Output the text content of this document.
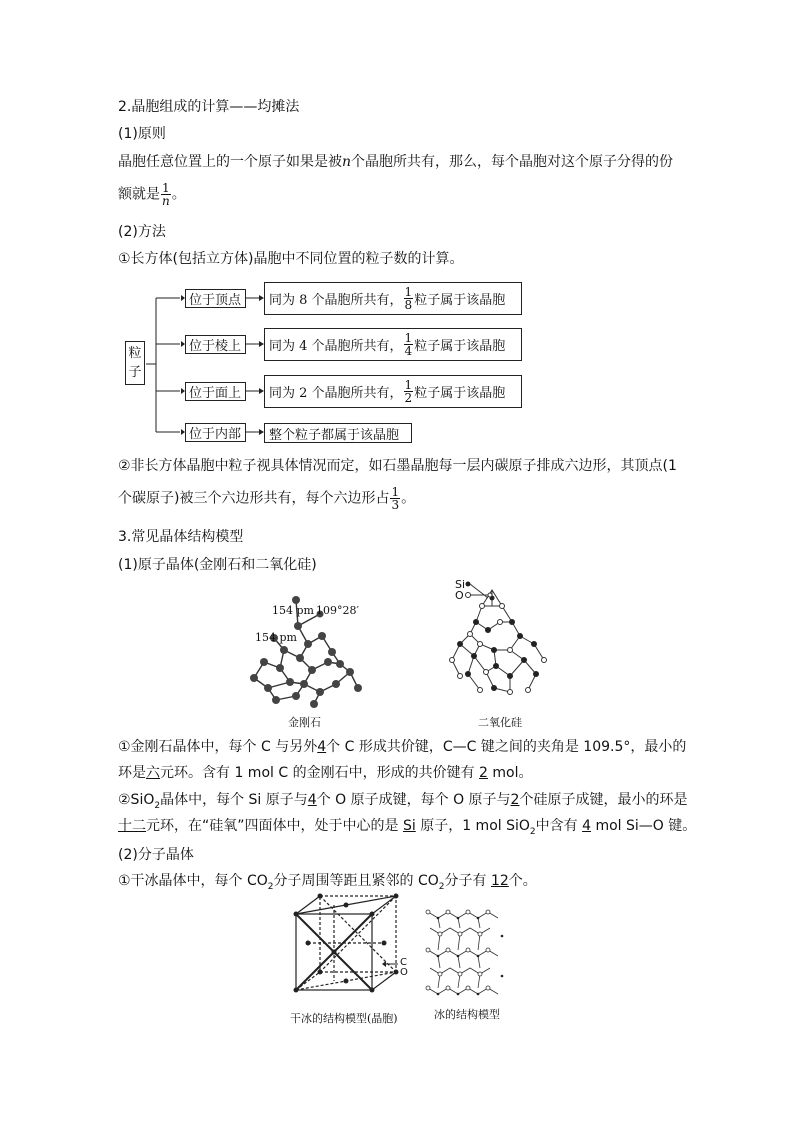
2.晶胞组成的计算——均摊法
(1)原则
晶胞任意位置上的一个原子如果是被n个晶胞所共有，那么，每个晶胞对这个原子分得的份
额就是 $\frac{1}{n}$ 。
(2)方法
①长方体(包括立方体)晶胞中不同位置的粒子数的计算。
粒
子
位于顶点	同为 8 个晶胞所共有， $\frac{1}{8}$ 粒子属于该晶胞
位于棱上	同为 4 个晶胞所共有， $\frac{1}{4}$ 粒子属于该晶胞
位于面上	同为 2 个晶胞所共有， $\frac{1}{2}$ 粒子属于该晶胞
位于内部	整个粒子都属于该晶胞
②非长方体晶胞中粒子视具体情况而定，如石墨晶胞每一层内碳原子排成六边形，其顶点(1
个碳原子)被三个六边形共有，每个六边形占 $\frac{1}{3}$ 。
3.常见晶体结构模型
(1)原子晶体(金刚石和二氧化硅)
154 pm 109°28′
154 pm
金刚石
Si
O
二氧化硅
①金刚石晶体中，每个 C 与另外4个 C 形成共价键，C—C 键之间的夹角是 109.5°，最小的
环是六元环。含有 1 mol C 的金刚石中，形成的共价键有 2 mol。
②SiO$_2$晶体中，每个 Si 原子与4个 O 原子成键，每个 O 原子与2个硅原子成键，最小的环是
十二元环，在“硅氧”四面体中，处于中心的是 Si 原子，1 mol SiO$_2$中含有 4 mol Si—O 键。
(2)分子晶体
①干冰晶体中，每个 $CO_2$分子周围等距且紧邻的 $CO_2$分子有 12个。
C
O
干冰的结构模型(晶胞)	冰的结构模型
